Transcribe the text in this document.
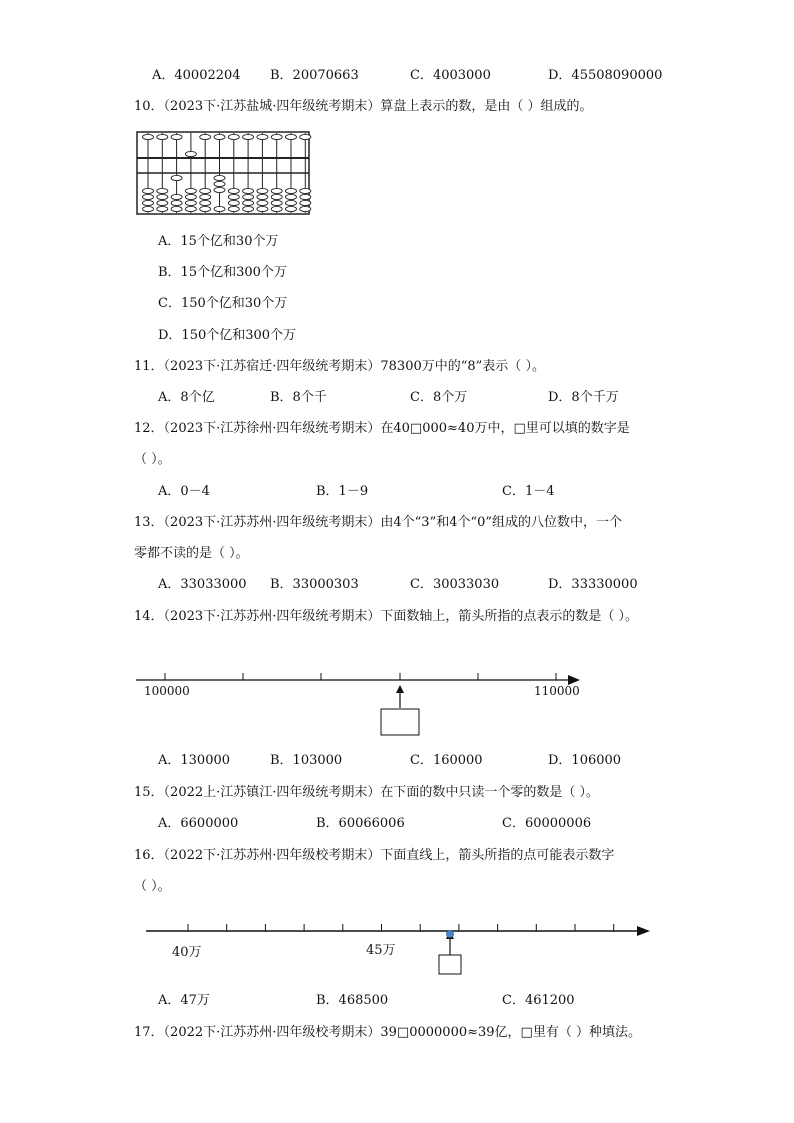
A．40002204 B．20070663	C．4003000	D．45508090000
10．（2023下·江苏盐城·四年级统考期末）算盘上表示的数，是由（ ）组成的。
A．15个亿和30个万
B．15个亿和300个万
C．150个亿和30个万
D．150个亿和300个万
11．（2023下·江苏宿迁·四年级统考期末）78300万中的“8”表示（ ）。
A．8个亿	B．8个千	C．8个万	D．8个千万
12．（2023下·江苏徐州·四年级统考期末）在40□000≈40万中，□里可以填的数字是
（ ）。
A．0－4	B．1－9	C．1－4
13．（2023下·江苏苏州·四年级统考期末）由4个“3”和4个“0”组成的八位数中，一个
零都不读的是（ ）。
A．33033000 B．33000303	C．30033030	D．33330000
14．（2023下·江苏苏州·四年级统考期末）下面数轴上，箭头所指的点表示的数是（ ）。
100000	110000
A．130000	B．103000	C．160000	D．106000
15．（2022上·江苏镇江·四年级统考期末）在下面的数中只读一个零的数是（ ）。
A．6600000	B．60066006	C．60000006
16．（2022下·江苏苏州·四年级校考期末）下面直线上，箭头所指的点可能表示数字
（ ）。
40万	45万
A．47万	B．468500	C．461200
17．（2022下·江苏苏州·四年级校考期末）39□0000000≈39亿，□里有（ ）种填法。
